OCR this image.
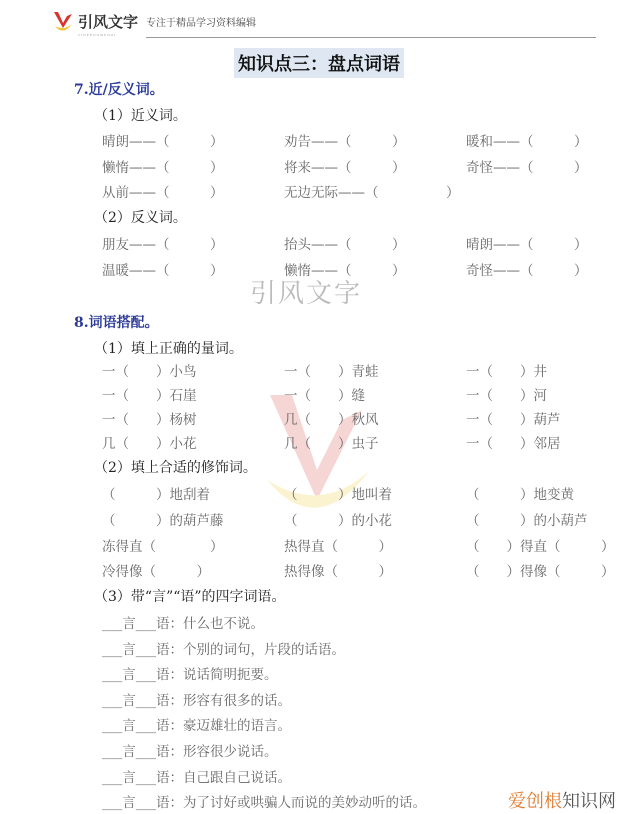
引风文字 专注于精品学习资料编辑
YINFENGWENZI
引风文字
知识点三：盘点词语
7.近/反义词。
（1）近义词。
晴朗——（　　　）	劝告——（　　　）	暖和——（　　　）
懒惰——（　　　）	将来——（　　　）	奇怪——（　　　）
从前——（　　　）	无边无际——（　　　　　）
（2）反义词。
朋友——（　　　）	抬头——（　　　）	晴朗——（　　　）
温暖——（　　　）	懒惰——（　　　）	奇怪——（　　　）
8.词语搭配。
（1）填上正确的量词。
一（　　）小鸟	一（　　）青蛙	一（　　）井
一（　　）石崖	一（　　）缝	一（　　）河
一（　　）杨树	几（　　）秋风	一（　　）葫芦
几（　　）小花	几（　　）虫子	一（　　）邻居
（2）填上合适的修饰词。
（　　　）地刮着	（　　　）地叫着	（　　　）地变黄
（　　　）的葫芦藤	（　　　）的小花	（　　　）的小葫芦
冻得直（　　　　）	热得直（　　　）	（　　）得直（　　　）
冷得像（　　　）	热得像（　　　）	（　　）得像（　　　）
（3）带“言”“语”的四字词语。
___言___语：什么也不说。
___言___语：个别的词句，片段的话语。
___言___语：说话简明扼要。
___言___语：形容有很多的话。
___言___语：豪迈雄壮的语言。
___言___语：形容很少说话。
___言___语：自己跟自己说话。
___言___语：为了讨好或哄骗人而说的美妙动听的话。	爱创根知识网
